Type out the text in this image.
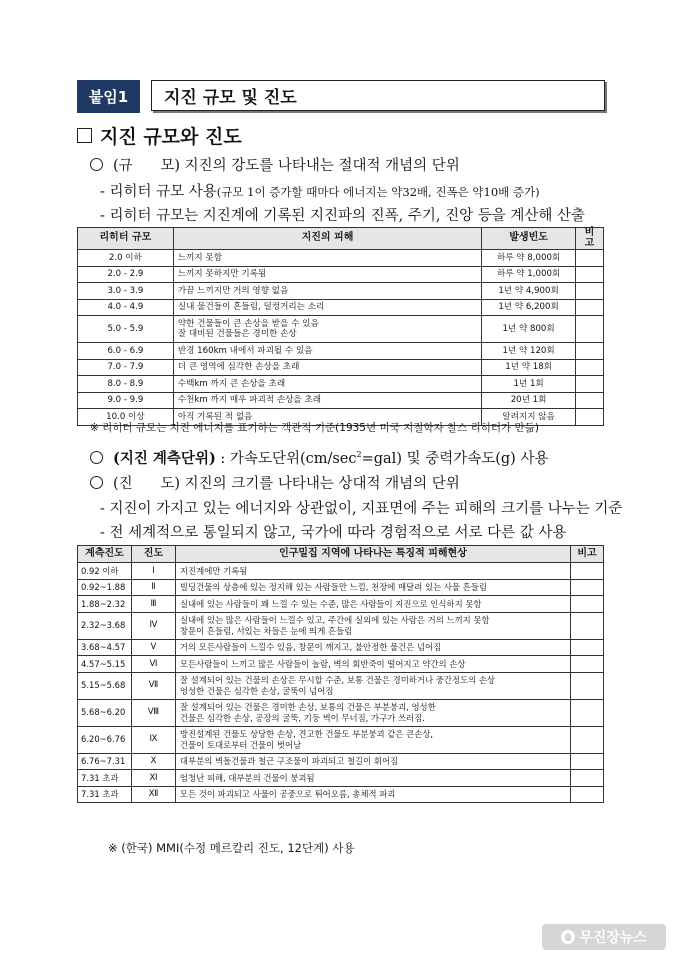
붙임1	지진 규모 및 진도
지진 규모와 진도
(규      모) 지진의 강도를 나타내는 절대적 개념의 단위
- 리히터 규모 사용(규모 1이 증가할 때마다 에너지는 약32배, 진폭은 약10배 증가)
- 리히터 규모는 지진계에 기록된 지진파의 진폭, 주기, 진앙 등을 계산해 산출
리히터 규모	지진의 피해	발생빈도	비고
2.0 이하	느끼지 못함	하루 약 8,000회	
2.0 - 2.9	느끼지 못하지만 기록됨	하루 약 1,000회	
3.0 - 3.9	가끔 느끼지만 거의 영향 없음	1년 약 4,900회	
4.0 - 4.9	실내 물건들이 흔들림, 덜컹거리는 소리	1년 약 6,200회	
5.0 - 5.9	약한 건물들이 큰 손상을 받을 수 있음
잘 대비된 건물들은 경미한 손상	1년 약 800회	
6.0 - 6.9	반경 160km 내에서 파괴될 수 있음	1년 약 120회	
7.0 - 7.9	더 큰 영역에 심각한 손상을 초래	1년 약 18회	
8.0 - 8.9	수백km 까지 큰 손상을 초래	1년 1회	
9.0 - 9.9	수천km 까지 매우 파괴적 손상을 초래	20년 1회	
10.0 이상	아직 기록된 적 없음	알려지지 않음	
※ 리히터 규모는 지진 에너지를 표기하는 객관적 기준(1935년 미국 지질학자 찰스 리히터가 만듦)
(지진 계측단위) : 가속도단위$(cm/\sec^2=gal)$ 및 중력가속도(g) 사용
(진      도) 지진의 크기를 나타내는 상대적 개념의 단위
- 지진이 가지고 있는 에너지와 상관없이, 지표면에 주는 피해의 크기를 나누는 기준
- 전 세계적으로 통일되지 않고, 국가에 따라 경험적으로 서로 다른 값 사용
계측진도	진도	인구밀집 지역에 나타나는 특징적 피해현상	비고
0.92 이하	Ⅰ	지진계에만 기록됨	
0.92~1.88	Ⅱ	빌딩건물의 상층에 있는 정지해 있는 사람들만 느낌, 천장에 매달려 있는 사물 흔들림	
1.88~2.32	Ⅲ	실내에 있는 사람들이 꽤 느낄 수 있는 수준, 많은 사람들이 지진으로 인식하지 못함	
2.32~3.68	Ⅳ	실내에 있는 많은 사람들이 느낄수 있고, 주간에 실외에 있는 사람은 거의 느끼지 못함
창문이 흔들림, 서있는 차들은 눈에 띄게 흔들림	
3.68~4.57	Ⅴ	거의 모든사람들이 느낄수 있음, 창문이 깨지고, 불안정한 물건은 넘어짐	
4.57~5.15	Ⅵ	모든사람들이 느끼고 많은 사람들이 놀람, 벽의 회반죽이 떨어지고 약간의 손상	
5.15~5.68	Ⅶ	잘 설계되어 있는 건물의 손상은 무시할 수준, 보통 건물은 경미하거나 중간정도의 손상
엉성한 건물은 심각한 손상, 굴뚝이 넘어짐	
5.68~6.20	Ⅷ	잘 설계되어 있는 건물은 경미한 손상, 보통의 건물은 부분붕괴, 엉성한
건물은 심각한 손상, 공장의 굴뚝, 기둥 벽이 무너짐, 가구가 쓰러짐.	
6.20~6.76	Ⅸ	방진설계된 건물도 상당한 손상, 견고한 건물도 부분붕괴 같은 큰손상,
건물이 토대로부터 건물이 벗어남	
6.76~7.31	Ⅹ	대부분의 벽돌건물과 철근 구조물이 파괴되고 철길이 휘어짐	
7.31 초과	Ⅺ	엄청난 피해, 대부분의 건물이 붕괴됨	
7.31 초과	Ⅻ	모든 것이 파괴되고 사물이 공중으로 튀어오름, 총체적 파괴	
※ (한국) MMI(수정 메르칼리 진도, 12단계) 사용
무진장뉴스
